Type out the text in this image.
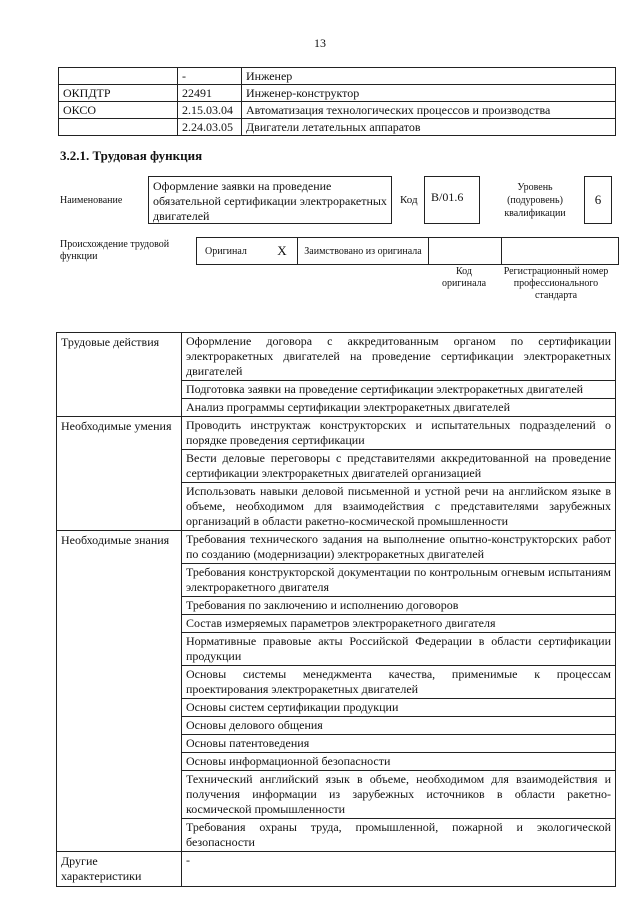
13
	-	Инженер
ОКПДТР	22491	Инженер-конструктор
ОКСО	2.15.03.04	Автоматизация технологических процессов и производства
	2.24.03.05	Двигатели летательных аппаратов
3.2.1. Трудовая функция
Наименование
Оформление заявки на проведение обязательной сертификации электроракетных двигателей
Код	B/01.6
Уровень (подуровень) квалификации
6
Происхождение трудовой функции	Оригинал	X	Заимствовано из оригинала		
Код оригинала
Регистрационный номер профессионального стандарта
Трудовые действия	Оформление договора с аккредитованным органом по сертификации электроракетных двигателей на проведение сертификации электроракетных двигателей
	Подготовка заявки на проведение сертификации электроракетных двигателей
	Анализ программы сертификации электроракетных двигателей
Необходимые умения	Проводить инструктаж конструкторских и испытательных подразделений о порядке проведения сертификации
	Вести деловые переговоры с представителями аккредитованной на проведение сертификации электроракетных двигателей организацией
	Использовать навыки деловой письменной и устной речи на английском языке в объеме, необходимом для взаимодействия с представителями зарубежных организаций в области ракетно-космической промышленности
Необходимые знания	Требования технического задания на выполнение опытно-конструкторских работ по созданию (модернизации) электроракетных двигателей
	Требования конструкторской документации по контрольным огневым испытаниям электроракетного двигателя
	Требования по заключению и исполнению договоров
	Состав измеряемых параметров электроракетного двигателя
	Нормативные правовые акты Российской Федерации в области сертификации продукции
	Основы системы менеджмента качества, применимые к процессам проектирования электроракетных двигателей
	Основы систем сертификации продукции
	Основы делового общения
	Основы патентоведения
	Основы информационной безопасности
	Технический английский язык в объеме, необходимом для взаимодействия и получения информации из зарубежных источников в области ракетно-космической промышленности
	Требования охраны труда, промышленной, пожарной и экологической безопасности
Другие характеристики	-
